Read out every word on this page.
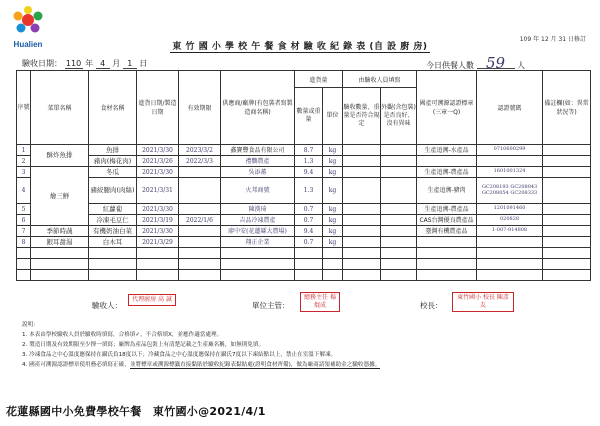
Hualien
109 年 12 月 31 日修訂
東 竹 國 小 學 校 午 餐 食 材 驗 收 紀 錄 表 (自 設 廚 房)
驗收日期： 110 年 4 月 1 日	今日供餐人數 59 人
序號	菜單名稱	食材名稱	進貨日期/製造日期	有效期限	供應商/廠牌(有包裝者寫製造商名稱)	進貨量		由驗收人員填寫		國產可溯源認證標章(三章一Q)	認證號碼	備註欄(如：異常狀況等)
						數量或重量	單位	驗收數量、重量是否符合規定	外觀(含包裝)是否良好、沒有異味			
1	酥炸魚排	魚排	2021/3/30	2023/3/2	鑫寶豐食品有限公司	8.7	kg			生產追溯-水產品	0710600299	
2		豬肉(梅花肉)	2021/3/26	2022/3/3	禮鸚農產	1.3	kg					
3	燴三鮮	冬瓜	2021/3/30		吳添蕃	9.4	kg			生產追溯-農產品	1601001324	
4		豬絞腿肉(肉絲)	2021/3/31		火邦商號	1.3	kg			生產追溯-豬肉	GC208193 GC208043 GC208054 GC208333	
5		紅蘿蔔	2021/3/30		陳漢琦	0.7	kg			生產追溯-農產品	1201091460	
6		冷凍毛豆仁	2021/3/19	2022/1/6	吉品冷凍農產	0.7	kg			CAS台灣優良農產品	020828	
7	季節時蔬	有機奶油白菜	2021/3/30		廖中安(花蓮縣大農場)	9.4	kg			臺灣有機農產品	1-007-914808	
8	銀耳甜湯	白木耳	2021/3/29		翔正企業	0.7	kg					

驗收人：
代理廚房 高 誠
單位主管：
總務主任 楊焜成	校長：
東竹國小 校長 陳彥友
說明：
1. 本表由學校驗收人員於驗收時填寫，合格填✓，不合格填X，並應作適當處理。
2. 製造日期及有效期限至少擇一填寫；廠牌為產品包裝上有清楚記載之生產廠名稱，如無則免填。
3. 冷凍食品之中心溫度應保持在攝氏負18度以下；冷藏食品之中心溫度應保持在攝氏7度以下凍結點以上，禁止在室溫下解凍。
4. 國產可溯源認證標章使用務必填寫正確，並將標章或溯源標籤直接黏貼於驗收紀錄表黏貼處(證明食材齊備)，做為廠商請領補助金之驗收憑據。
花蓮縣國中小免費學校午餐　東竹國小@2021/4/1
